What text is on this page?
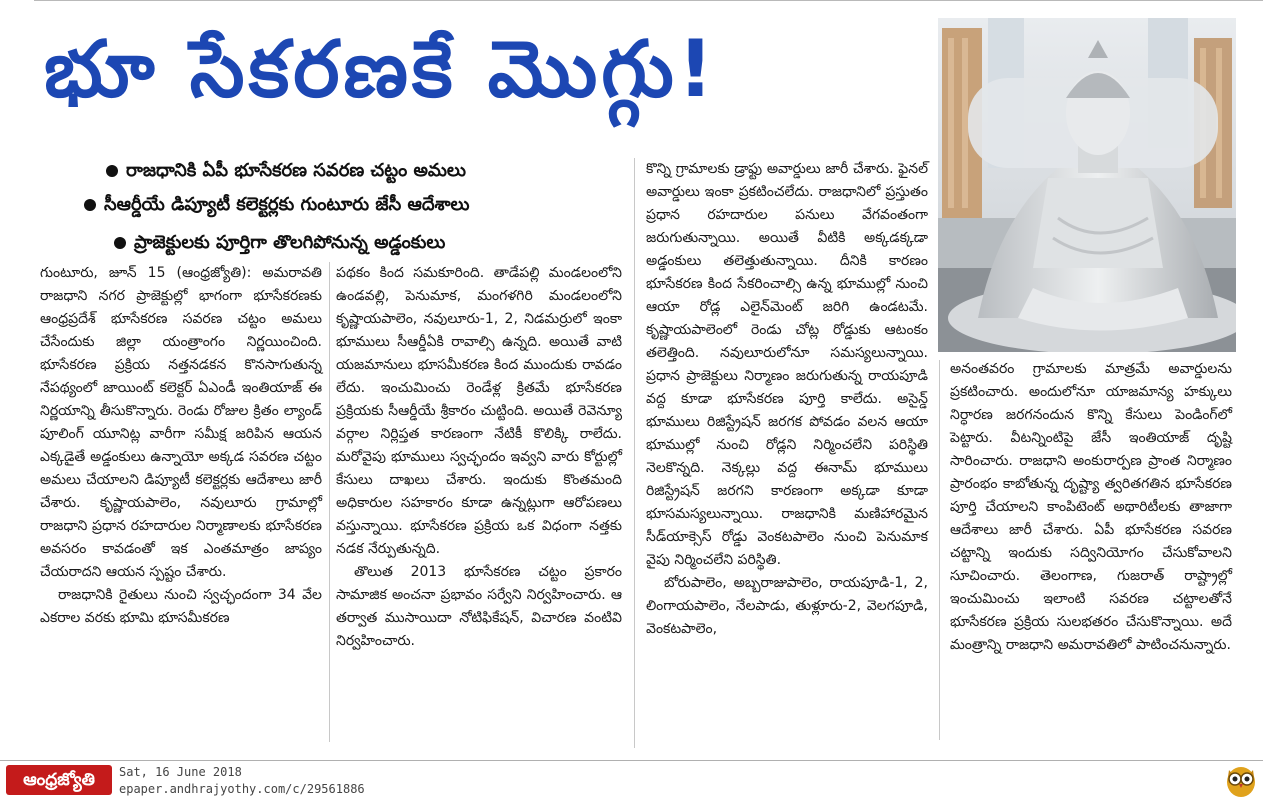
భూ సేకరణకే మొగ్గు!
రాజధానికి ఏపీ భూసేకరణ సవరణ చట్టం అమలు
సీఆర్డీయే డిప్యూటీ కలెక్టర్లకు గుంటూరు జేసీ ఆదేశాలు
ప్రాజెక్టులకు పూర్తిగా తొలగిపోనున్న అడ్డంకులు

గుంటూరు, జూన్ 15 (ఆంధ్రజ్యోతి): అమరావతి రాజధాని నగర ప్రాజెక్టుల్లో భాగంగా భూసేకరణకు ఆంధ్రప్రదేశ్ భూసేకరణ సవరణ చట్టం అమలు చేసేందుకు జిల్లా యంత్రాంగం నిర్ణయించింది. భూసేకరణ ప్రక్రియ నత్తనడకన కొనసాగుతున్న నేపథ్యంలో జాయింట్ కలెక్టర్ ఏఎండీ ఇంతియాజ్ ఈ నిర్ణయాన్ని తీసుకొన్నారు. రెండు రోజుల క్రితం ల్యాండ్ పూలింగ్ యూనిట్ల వారీగా సమీక్ష జరిపిన ఆయన ఎక్కడైతే అడ్డంకులు ఉన్నాయో అక్కడ సవరణ చట్టం అమలు చేయాలని డిప్యూటీ కలెక్టర్లకు ఆదేశాలు జారీ చేశారు. కృష్ణాయపాలెం, నవులూరు గ్రామాల్లో రాజధాని ప్రధాన రహదారుల నిర్మాణాలకు భూసేకరణ అవసరం కావడంతో ఇక ఎంతమాత్రం జాప్యం చేయరాదని ఆయన స్పష్టం చేశారు.

రాజధానికి రైతులు నుంచి స్వచ్ఛందంగా 34 వేల ఎకరాల వరకు భూమి భూసమీకరణ

పథకం కింద సమకూరింది. తాడేపల్లి మండలంలోని ఉండవల్లి, పెనుమాక, మంగళగిరి మండలంలోని కృష్ణాయపాలెం, నవులూరు-1, 2, నిడమర్రులో ఇంకా భూములు సీఆర్డీఏకి రావాల్సి ఉన్నది. అయితే వాటి యజమానులు భూసమీకరణ కింద ముందుకు రావడం లేదు. ఇంచుమించు రెండేళ్ల క్రితమే భూసేకరణ ప్రక్రియకు సీఆర్డీయే శ్రీకారం చుట్టింది. అయితే రెవెన్యూ వర్గాల నిర్లిప్తత కారణంగా నేటికీ కొలిక్కి రాలేదు. మరోవైపు భూములు స్వచ్ఛందం ఇవ్వని వారు కోర్టుల్లో కేసులు దాఖలు చేశారు. ఇందుకు కొంతమంది అధికారుల సహకారం కూడా ఉన్నట్లుగా ఆరోపణలు వస్తున్నాయి. భూసేకరణ ప్రక్రియ ఒక విధంగా నత్తకు నడక నేర్పుతున్నది.

తొలుత 2013 భూసేకరణ చట్టం ప్రకారం సామాజిక అంచనా ప్రభావం సర్వేని నిర్వహించారు. ఆ తర్వాత ముసాయిదా నోటిఫికేషన్, విచారణ వంటివి నిర్వహించారు.

కొన్ని గ్రామాలకు డ్రాఫ్టు అవార్డులు జారీ చేశారు. ఫైనల్ అవార్డులు ఇంకా ప్రకటించలేదు. రాజధానిలో ప్రస్తుతం ప్రధాన రహదారుల పనులు వేగవంతంగా జరుగుతున్నాయి. అయితే వీటికి అక్కడక్కడా అడ్డంకులు తలెత్తుతున్నాయి. దీనికి కారణం భూసేకరణ కింద సేకరించాల్సి ఉన్న భూముల్లో నుంచి ఆయా రోడ్ల ఎలైన్‌మెంట్ జరిగి ఉండటమే. కృష్ణాయపాలెంలో రెండు చోట్ల రోడ్డుకు ఆటంకం తలెత్తింది. నవులూరులోనూ సమస్యలున్నాయి. ప్రధాన ప్రాజెక్టులు నిర్మాణం జరుగుతున్న రాయపూడి వద్ద కూడా భూసేకరణ పూర్తి కాలేదు. అసైన్డ్ భూములు రిజిస్ట్రేషన్ జరగక పోవడం వలన ఆయా భూముల్లో నుంచి రోడ్లని నిర్మించలేని పరిస్థితి నెలకొన్నది. నెక్కల్లు వద్ద ఈనామ్ భూములు రిజిస్ట్రేషన్ జరగని కారణంగా అక్కడా కూడా భూసమస్యలున్నాయి. రాజధానికి మణిహారమైన సీడ్‌యాక్సెస్ రోడ్డు వెంకటపాలెం నుంచి పెనుమాక వైపు నిర్మించలేని పరిస్థితి.

బోరుపాలెం, అబ్బరాజుపాలెం, రాయపూడి-1, 2, లింగాయపాలెం, నేలపాడు, తుళ్లూరు-2, వెలగపూడి, వెంకటపాలెం,

అనంతవరం గ్రామాలకు మాత్రమే అవార్డులను ప్రకటించారు. అందులోనూ యాజమాన్య హక్కులు నిర్ధారణ జరగనందున కొన్ని కేసులు పెండింగ్‌లో పెట్టారు. వీటన్నింటిపై జేసీ ఇంతియాజ్ దృష్టి సారించారు. రాజధాని అంకురార్పణ ప్రాంత నిర్మాణం ప్రారంభం కాబోతున్న దృష్ట్యా త్వరితగతిన భూసేకరణ పూర్తి చేయాలని కాంపిటెంట్ అథారిటీలకు తాజాగా ఆదేశాలు జారీ చేశారు. ఏపీ భూసేకరణ సవరణ చట్టాన్ని ఇందుకు సద్వినియోగం చేసుకోవాలని సూచించారు. తెలంగాణ, గుజరాత్ రాష్ట్రాల్లో ఇంచుమించు ఇలాంటి సవరణ చట్టాలతోనే భూసేకరణ ప్రక్రియ సులభతరం చేసుకొన్నాయి. అదే మంత్రాన్ని రాజధాని అమరావతిలో పాటించనున్నారు.

ఆంధ్రజ్యోతి	Sat, 16 June 2018
epaper.andhrajyothy.com/c/29561886
